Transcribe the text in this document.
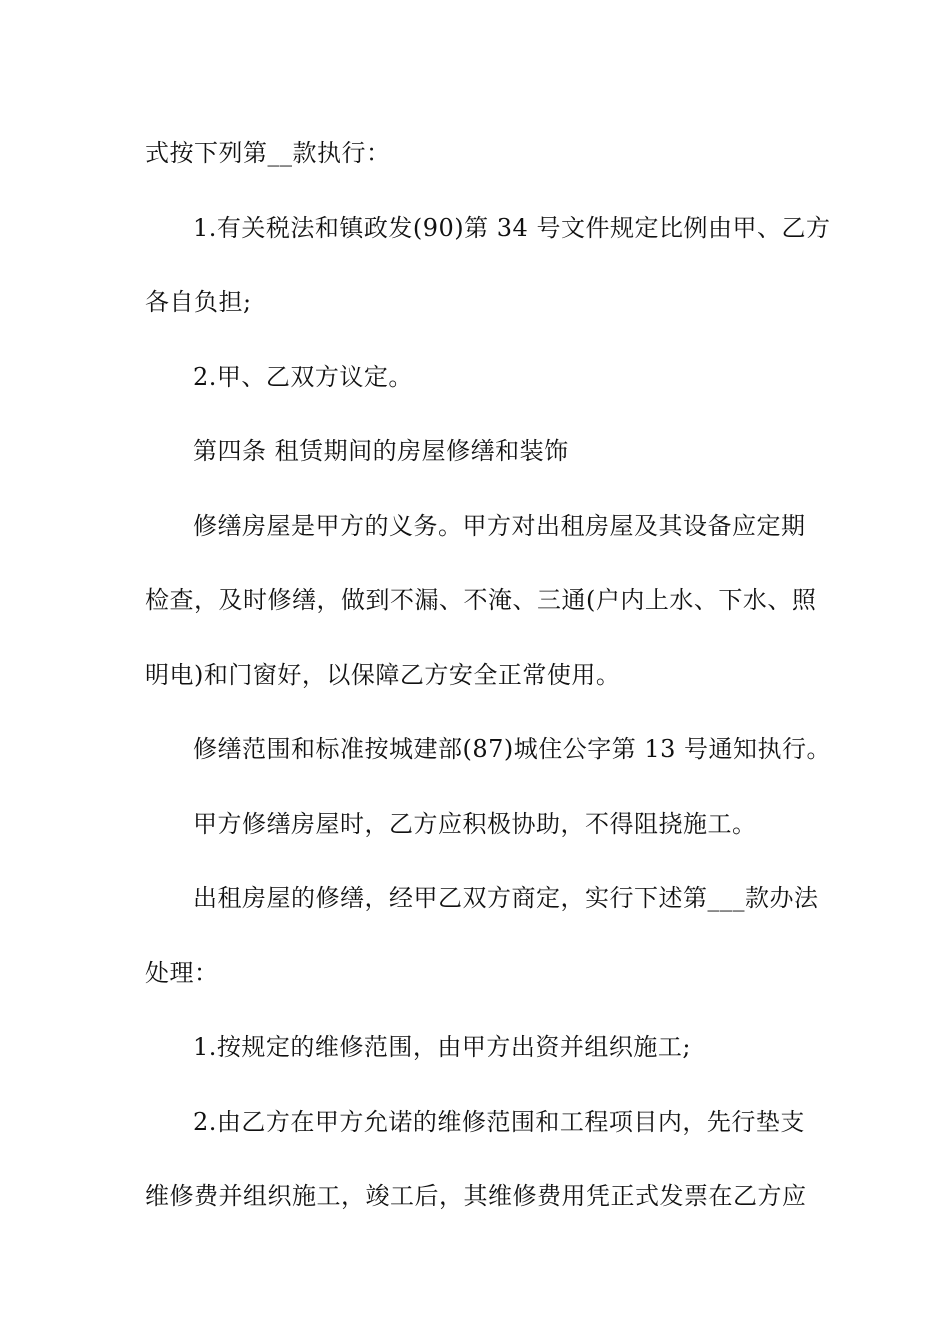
式按下列第__款执行：
1.有关税法和镇政发(90)第 34 号文件规定比例由甲、乙方
各自负担;
2.甲、乙双方议定。
第四条 租赁期间的房屋修缮和装饰
修缮房屋是甲方的义务。甲方对出租房屋及其设备应定期
检查，及时修缮，做到不漏、不淹、三通(户内上水、下水、照
明电)和门窗好，以保障乙方安全正常使用。
修缮范围和标准按城建部(87)城住公字第 13 号通知执行。
甲方修缮房屋时，乙方应积极协助，不得阻挠施工。
出租房屋的修缮，经甲乙双方商定，实行下述第___款办法
处理：
1.按规定的维修范围，由甲方出资并组织施工;
2.由乙方在甲方允诺的维修范围和工程项目内，先行垫支
维修费并组织施工，竣工后，其维修费用凭正式发票在乙方应
